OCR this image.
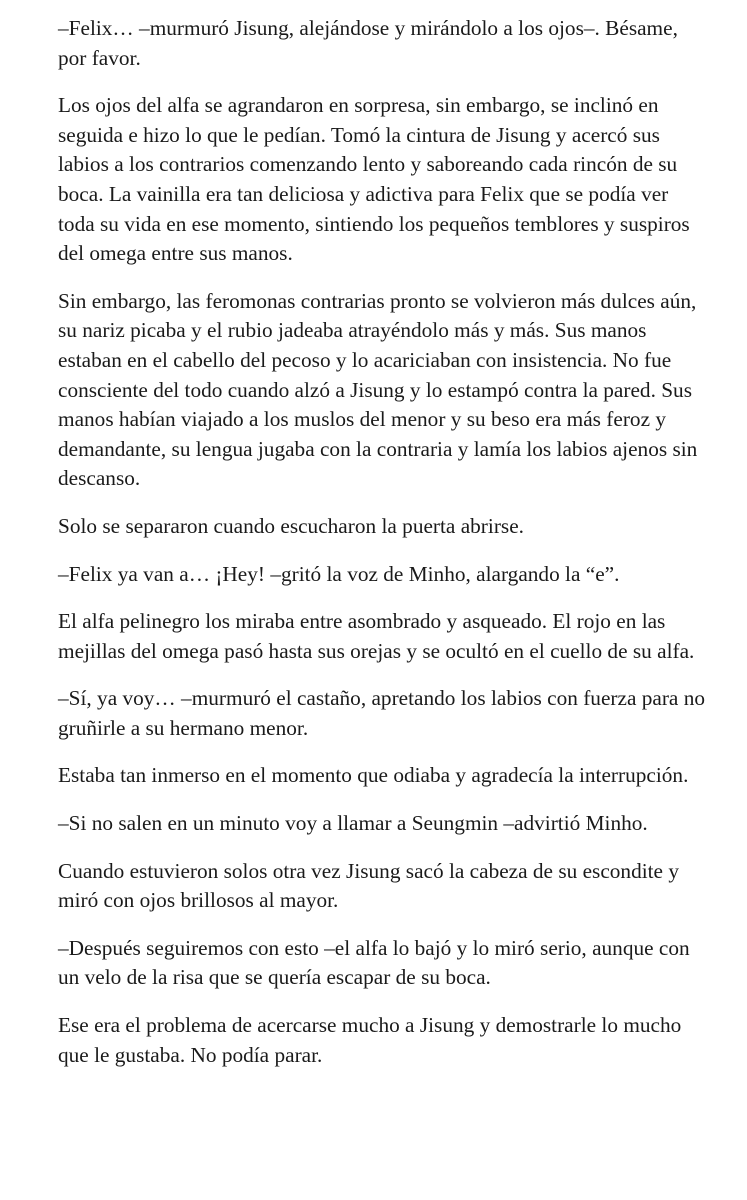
–Felix… –murmuró Jisung, alejándose y mirándolo a los ojos–. Bésame, por favor.

Los ojos del alfa se agrandaron en sorpresa, sin embargo, se inclinó en seguida e hizo lo que le pedían. Tomó la cintura de Jisung y acercó sus labios a los contrarios comenzando lento y saboreando cada rincón de su boca. La vainilla era tan deliciosa y adictiva para Felix que se podía ver toda su vida en ese momento, sintiendo los pequeños temblores y suspiros del omega entre sus manos.

Sin embargo, las feromonas contrarias pronto se volvieron más dulces aún, su nariz picaba y el rubio jadeaba atrayéndolo más y más. Sus manos estaban en el cabello del pecoso y lo acariciaban con insistencia. No fue consciente del todo cuando alzó a Jisung y lo estampó contra la pared. Sus manos habían viajado a los muslos del menor y su beso era más feroz y demandante, su lengua jugaba con la contraria y lamía los labios ajenos sin descanso.

Solo se separaron cuando escucharon la puerta abrirse.

–Felix ya van a… ¡Hey! –gritó la voz de Minho, alargando la “e”.

El alfa pelinegro los miraba entre asombrado y asqueado. El rojo en las mejillas del omega pasó hasta sus orejas y se ocultó en el cuello de su alfa.

–Sí, ya voy… –murmuró el castaño, apretando los labios con fuerza para no gruñirle a su hermano menor.

Estaba tan inmerso en el momento que odiaba y agradecía la interrupción.

–Si no salen en un minuto voy a llamar a Seungmin –advirtió Minho.

Cuando estuvieron solos otra vez Jisung sacó la cabeza de su escondite y miró con ojos brillosos al mayor.

–Después seguiremos con esto –el alfa lo bajó y lo miró serio, aunque con un velo de la risa que se quería escapar de su boca.

Ese era el problema de acercarse mucho a Jisung y demostrarle lo mucho que le gustaba. No podía parar.
